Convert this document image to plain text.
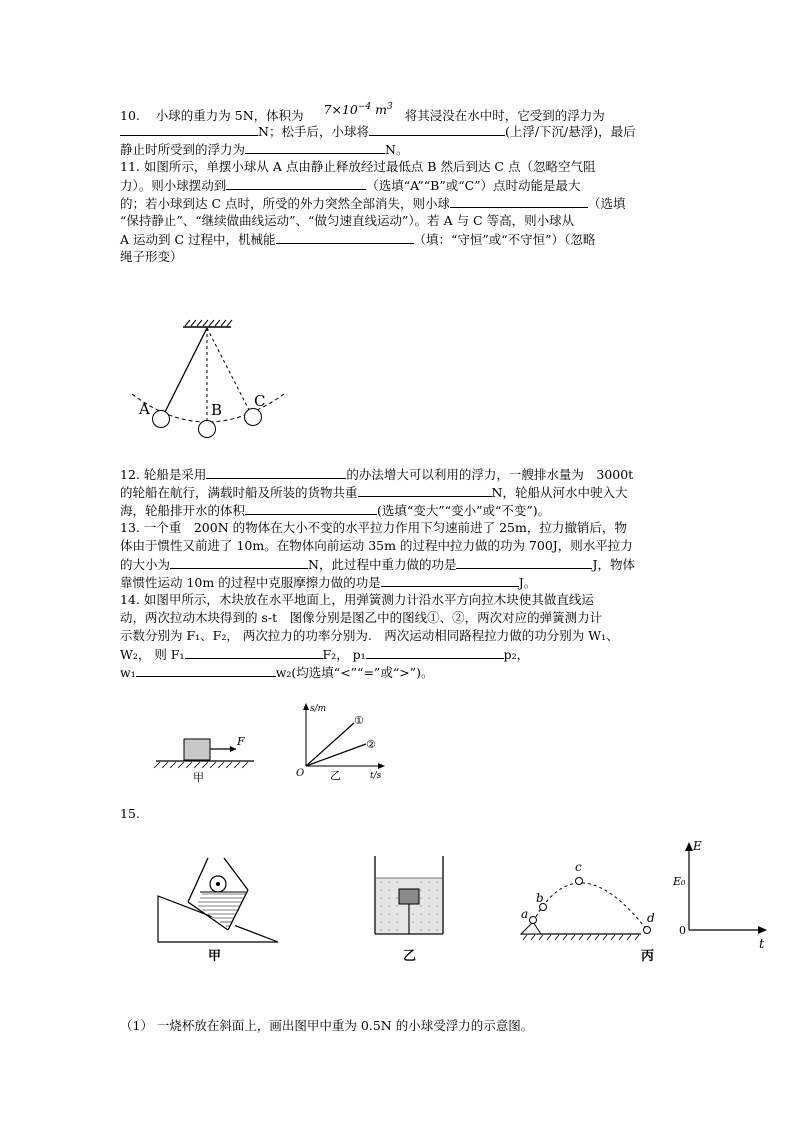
10. 小球的重力为 5N，体积为 $7\times 10^{-4}$ $m^3$   将其浸没在水中时，它受到的浮力为
N；松手后，小球将	(上浮/下沉/悬浮)，最后
静止时所受到的浮力为	N。
11. 如图所示，单摆小球从 A 点由静止释放经过最低点 B 然后到达 C 点（忽略空气阻
力）。则小球摆动到	（选填“A”“B”或“C”）点时动能是最大
的；若小球到达 C 点时，所受的外力突然全部消失，则小球	（选填
“保持静止”、“继续做曲线运动”、“做匀速直线运动”）。若 A 与 C 等高，则小球从
A 运动到 C 过程中，机械能	（填：“守恒”或“不守恒”）（忽略
绳子形变）
A	B C
12. 轮船是采用	的办法增大可以利用的浮力，一艘排水量为　3000t
的轮船在航行，满载时船及所装的货物共重	N，轮船从河水中驶入大
海，轮船排开水的体积	(选填“变大”“变小”或“不变”)。
13. 一个重　200N 的物体在大小不变的水平拉力作用下匀速前进了 25m，拉力撤销后，物
体由于惯性又前进了 10m。在物体向前运动 35m 的过程中拉力做的功为 700J，则水平拉力
的大小为	N，此过程中重力做的功是	J，物体
靠惯性运动 10m 的过程中克服摩擦力做的功是	J。
14. 如图甲所示，木块放在水平地面上，用弹簧测力计沿水平方向拉木块使其做直线运
动，两次拉动木块得到的 s-t　图像分别是图乙中的图线①、②，两次对应的弹簧测力计
示数分别为 F₁、F₂， 两次拉力的功率分别为.　两次运动相同路程拉力做的功分别为 W₁、
W₂， 则 F₁	F₂， p₁	p₂，
w₁	w₂(均选填“<”“=”或“>”)。
F
甲
s/m
t/s
O
①
②
乙
15.
甲	乙
a
b
c
d
丙
E
E₀
0
t
（1） 一烧杯放在斜面上，画出图甲中重为 0.5N 的小球受浮力的示意图。
